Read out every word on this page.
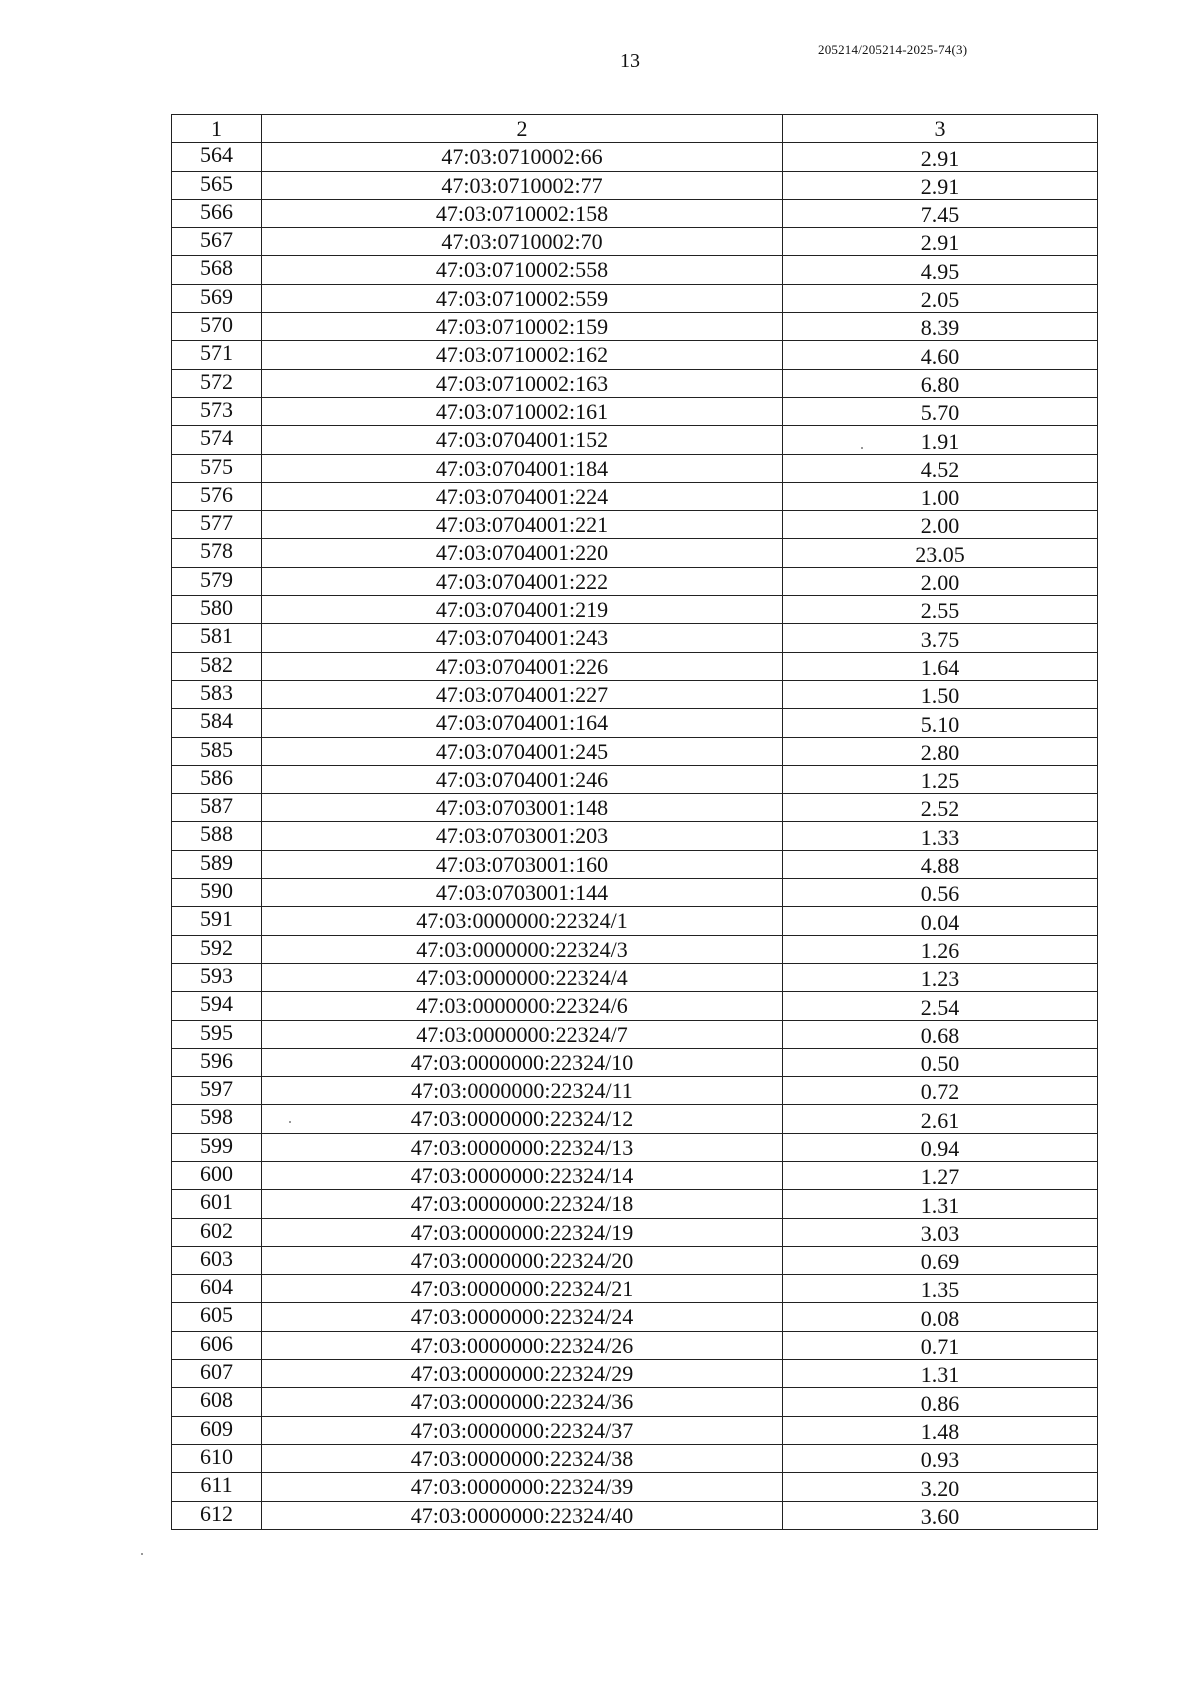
13
205214/205214-2025-74(3)
1	2	3
564	47:03:0710002:66	2.91
565	47:03:0710002:77	2.91
566	47:03:0710002:158	7.45
567	47:03:0710002:70	2.91
568	47:03:0710002:558	4.95
569	47:03:0710002:559	2.05
570	47:03:0710002:159	8.39
571	47:03:0710002:162	4.60
572	47:03:0710002:163	6.80
573	47:03:0710002:161	5.70
574	47:03:0704001:152	1.91
575	47:03:0704001:184	4.52
576	47:03:0704001:224	1.00
577	47:03:0704001:221	2.00
578	47:03:0704001:220	23.05
579	47:03:0704001:222	2.00
580	47:03:0704001:219	2.55
581	47:03:0704001:243	3.75
582	47:03:0704001:226	1.64
583	47:03:0704001:227	1.50
584	47:03:0704001:164	5.10
585	47:03:0704001:245	2.80
586	47:03:0704001:246	1.25
587	47:03:0703001:148	2.52
588	47:03:0703001:203	1.33
589	47:03:0703001:160	4.88
590	47:03:0703001:144	0.56
591	47:03:0000000:22324/1	0.04
592	47:03:0000000:22324/3	1.26
593	47:03:0000000:22324/4	1.23
594	47:03:0000000:22324/6	2.54
595	47:03:0000000:22324/7	0.68
596	47:03:0000000:22324/10	0.50
597	47:03:0000000:22324/11	0.72
598	47:03:0000000:22324/12	2.61
599	47:03:0000000:22324/13	0.94
600	47:03:0000000:22324/14	1.27
601	47:03:0000000:22324/18	1.31
602	47:03:0000000:22324/19	3.03
603	47:03:0000000:22324/20	0.69
604	47:03:0000000:22324/21	1.35
605	47:03:0000000:22324/24	0.08
606	47:03:0000000:22324/26	0.71
607	47:03:0000000:22324/29	1.31
608	47:03:0000000:22324/36	0.86
609	47:03:0000000:22324/37	1.48
610	47:03:0000000:22324/38	0.93
611	47:03:0000000:22324/39	3.20
612	47:03:0000000:22324/40	3.60
